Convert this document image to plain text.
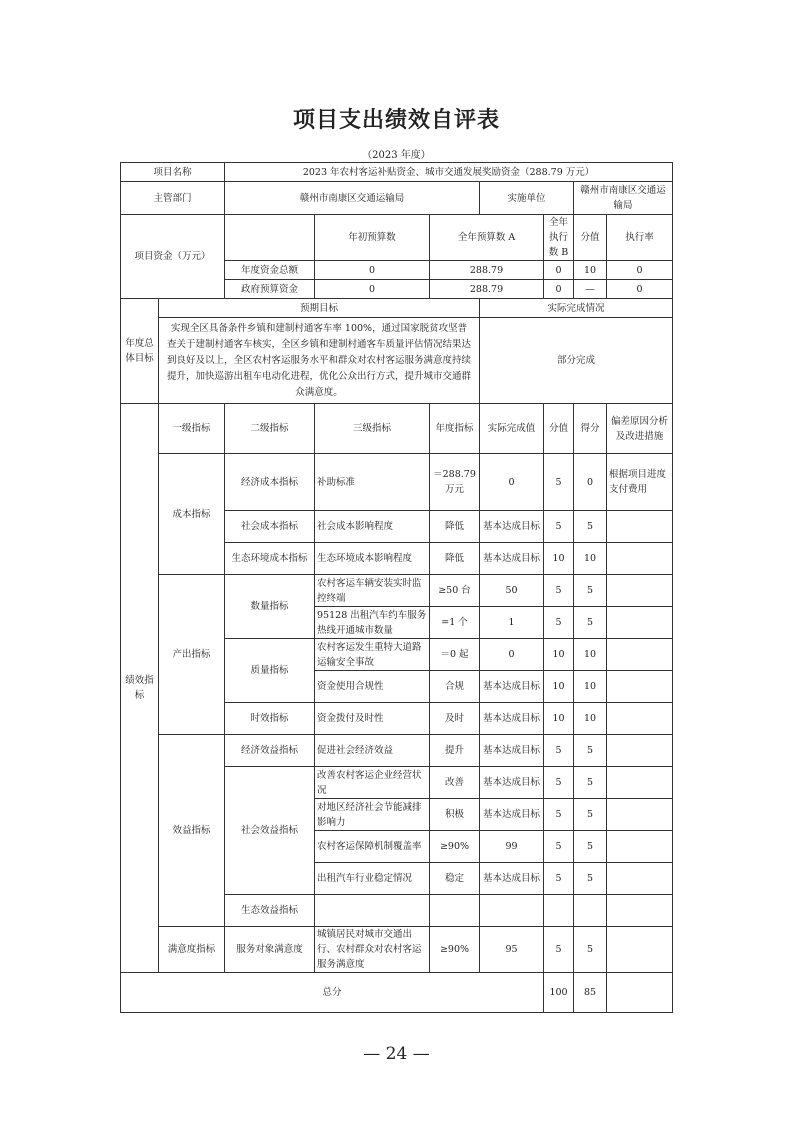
项目支出绩效自评表
（2023 年度）
项目名称		2023 年农村客运补贴资金、城市交通发展奖励资金（288.79 万元）							
主管部门		赣州市南康区交通运输局			实施单位		赣州市南康区交通运输局		
项目资金（万元）			年初预算数	全年预算数 A		全年执行数 B	分值	执行率	
		年度资金总额	0	288.79		0	10	0	
		政府预算资金	0	288.79		0	—	0	
年度总体目标	预期目标				实际完成情况				
	实现全区具备条件乡镇和建制村通客车率 100%，通过国家脱贫攻坚普查关于建制村通客车核实，全区乡镇和建制村通客车质量评估情况结果达到良好及以上，全区农村客运服务水平和群众对农村客运服务满意度持续提升，加快巡游出租车电动化进程，优化公众出行方式，提升城市交通群众满意度。				部分完成				
绩效指标	一级指标	二级指标	三级指标	年度指标	实际完成值	分值	得分	偏差原因分析及改进措施	
	成本指标	经济成本指标	补助标准	＝288.79 万元	0	5	0	根据项目进度支付费用	
		社会成本指标	社会成本影响程度	降低	基本达成目标	5	5		
		生态环境成本指标	生态环境成本影响程度	降低	基本达成目标	10	10		
	产出指标	数量指标	农村客运车辆安装实时监控终端	≥50 台	50	5	5		
			95128 出租汽车约车服务热线开通城市数量	=1 个	1	5	5		
		质量指标	农村客运发生重特大道路运输安全事故	＝0 起	0	10	10		
			资金使用合规性	合规	基本达成目标	10	10		
		时效指标	资金拨付及时性	及时	基本达成目标	10	10		
	效益指标	经济效益指标	促进社会经济效益	提升	基本达成目标	5	5		
		社会效益指标	改善农村客运企业经营状况	改善	基本达成目标	5	5		
			对地区经济社会节能减排影响力	积极	基本达成目标	5	5		
			农村客运保障机制覆盖率	≥90%	99	5	5		
			出租汽车行业稳定情况	稳定	基本达成目标	5	5		
		生态效益指标							
	满意度指标	服务对象满意度	城镇居民对城市交通出行、农村群众对农村客运服务满意度	≥90%	95	5	5		
总分						100	85		
— 24 —
